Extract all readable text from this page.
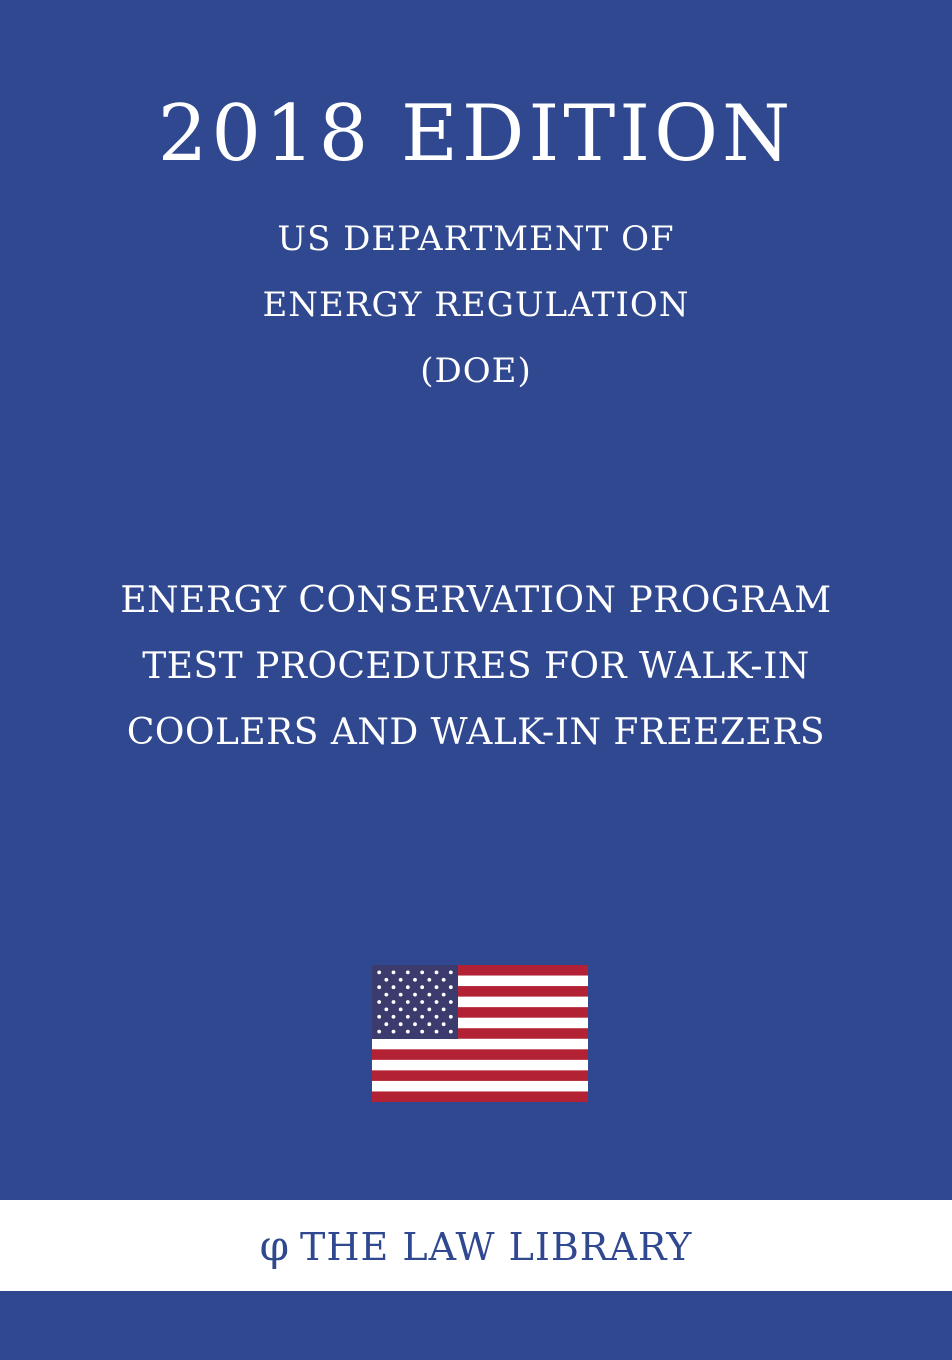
2018 EDITION
US DEPARTMENT OF
ENERGY REGULATION
(DOE)
ENERGY CONSERVATION PROGRAM
TEST PROCEDURES FOR WALK-IN
COOLERS AND WALK-IN FREEZERS
φ THE LAW LIBRARY
